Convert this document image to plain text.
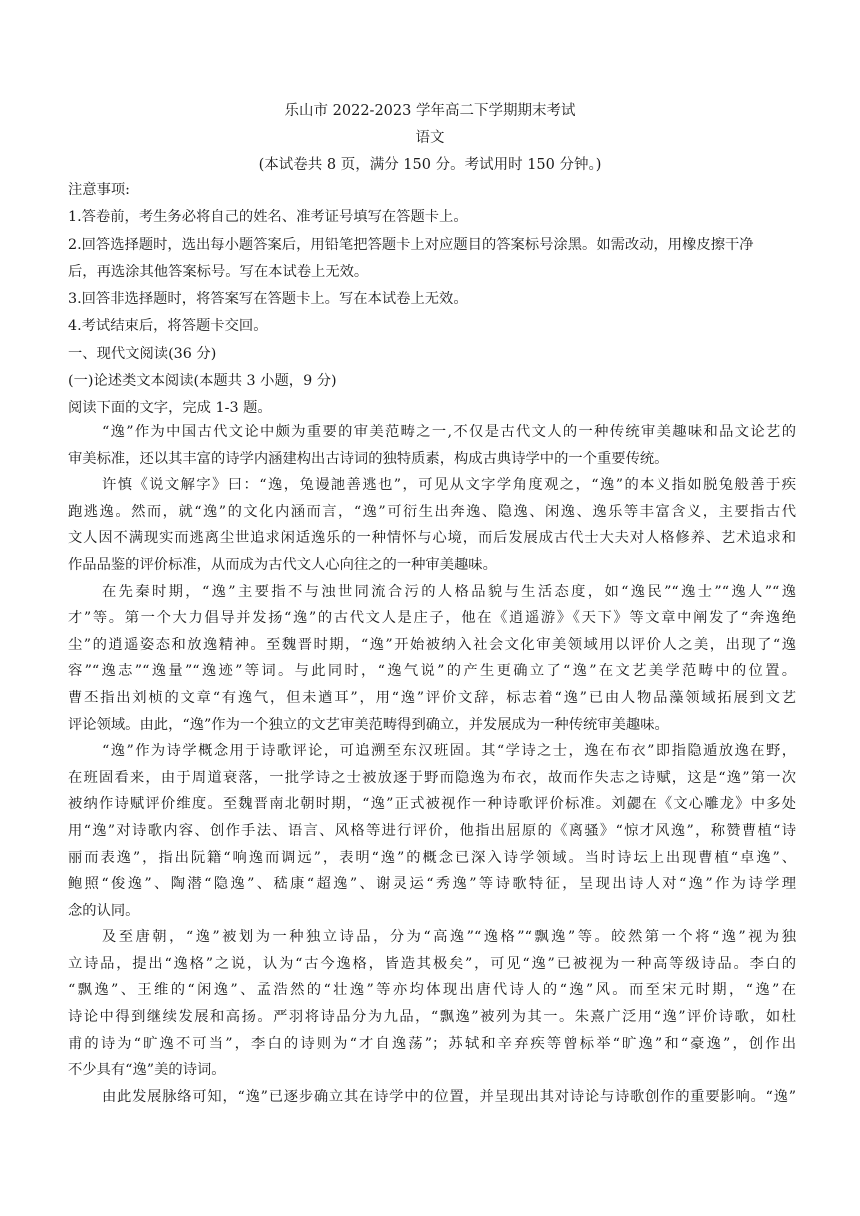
乐山市 2022-2023 学年高二下学期期末考试
语文
(本试卷共 8 页，满分 150 分。考试用时 150 分钟。)
注意事项:
1.答卷前，考生务必将自己的姓名、准考证号填写在答题卡上。
2.回答选择题时，选出每小题答案后，用铅笔把答题卡上对应题目的答案标号涂黑。如需改动，用橡皮擦干净
后，再选涂其他答案标号。写在本试卷上无效。
3.回答非选择题时，将答案写在答题卡上。写在本试卷上无效。
4.考试结束后，将答题卡交回。
一、现代文阅读(36 分)
(一)论述类文本阅读(本题共 3 小题，9 分)
阅读下面的文字，完成 1-3 题。
“逸”作为中国古代文论中颇为重要的审美范畴之一,不仅是古代文人的一种传统审美趣味和品文论艺的
审美标准，还以其丰富的诗学内涵建构出古诗词的独特质素，构成古典诗学中的一个重要传统。
许慎《说文解字》曰：“逸，兔谩訑善逃也”，可见从文字学角度观之，“逸”的本义指如脱兔般善于疾
跑逃逸。然而，就“逸”的文化内涵而言，“逸”可衍生出奔逸、隐逸、闲逸、逸乐等丰富含义，主要指古代
文人因不满现实而逃离尘世追求闲适逸乐的一种情怀与心境，而后发展成古代士大夫对人格修养、艺术追求和
作品品鉴的评价标准，从而成为古代文人心向往之的一种审美趣味。
在先秦时期，“逸”主要指不与浊世同流合污的人格品貌与生活态度，如“逸民”“逸士”“逸人”“逸
才”等。第一个大力倡导并发扬“逸”的古代文人是庄子，他在《逍遥游》《天下》等文章中阐发了“奔逸绝
尘”的逍遥姿态和放逸精神。至魏晋时期，“逸”开始被纳入社会文化审美领域用以评价人之美，出现了“逸
容”“逸志”“逸量”“逸迹”等词。与此同时，“逸气说”的产生更确立了“逸”在文艺美学范畴中的位置。
曹丕指出刘桢的文章“有逸气，但未遒耳”，用“逸”评价文辞，标志着“逸”已由人物品藻领域拓展到文艺
评论领域。由此，“逸”作为一个独立的文艺审美范畴得到确立，并发展成为一种传统审美趣味。
“逸”作为诗学概念用于诗歌评论，可追溯至东汉班固。其“学诗之士，逸在布衣”即指隐遁放逸在野，
在班固看来，由于周道衰落，一批学诗之士被放逐于野而隐逸为布衣，故而作失志之诗赋，这是“逸”第一次
被纳作诗赋评价维度。至魏晋南北朝时期，“逸”正式被视作一种诗歌评价标准。刘勰在《文心雕龙》中多处
用“逸”对诗歌内容、创作手法、语言、风格等进行评价，他指出屈原的《离骚》“惊才风逸”，称赞曹植“诗
丽而表逸”，指出阮籍“响逸而调远”，表明“逸”的概念已深入诗学领域。当时诗坛上出现曹植“卓逸”、
鲍照“俊逸”、陶潜“隐逸”、嵇康“超逸”、谢灵运“秀逸”等诗歌特征，呈现出诗人对“逸”作为诗学理
念的认同。
及至唐朝，“逸”被划为一种独立诗品，分为“高逸”“逸格”“飘逸”等。皎然第一个将“逸”视为独
立诗品，提出“逸格”之说，认为“古今逸格，皆造其极矣”，可见“逸”已被视为一种高等级诗品。李白的
“飘逸”、王维的“闲逸”、孟浩然的“壮逸”等亦均体现出唐代诗人的“逸”风。而至宋元时期，“逸”在
诗论中得到继续发展和高扬。严羽将诗品分为九品，“飘逸”被列为其一。朱熹广泛用“逸”评价诗歌，如杜
甫的诗为“旷逸不可当”，李白的诗则为“才自逸荡”；苏轼和辛弃疾等曾标举“旷逸”和“豪逸”，创作出
不少具有“逸”美的诗词。
由此发展脉络可知，“逸”已逐步确立其在诗学中的位置，并呈现出其对诗论与诗歌创作的重要影响。“逸”
